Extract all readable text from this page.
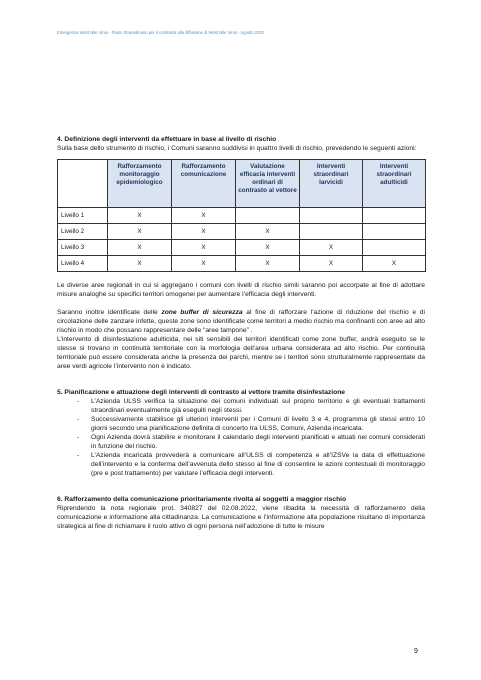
Emergenza West Nile Virus - Piano Straordinario per il contrasto alla diffusione di West Nile Virus - Agosto 2022

4. Definizione degli interventi da effettuare in base al livello di rischio

Sulla base dello strumento di rischio, i Comuni saranno suddivisi in quattro livelli di rischio, prevedendo le seguenti azioni:

	Rafforzamento monitoraggio epidemiologico	Rafforzamento comunicazione	Valutazione efficacia interventi ordinari di contrasto al vettore	Interventi straordinari larvicidi	Interventi straordinari adulticidi
Livello 1	X	X			
Livello 2	X	X	X		
Livello 3	X	X	X	X	
Livello 4	X	X	X	X	X

Le diverse aree regionali in cui si aggregano i comuni con livelli di rischio simili saranno poi accorpate al fine di adottare misure analoghe su specifici territori omogenei per aumentare l’efficacia degli interventi.

Saranno inoltre identificate delle zone buffer di sicurezza al fine di rafforzare l’azione di riduzione del rischio e di circolazione delle zanzare infette, queste zone sono identificate come territori a medio rischio ma confinanti con aree ad alto rischio in modo che possano rappresentare delle “aree tampone” .

L’intervento di disinfestazione adulticida, nei siti sensibili dei territori identificati come zone buffer, andrà eseguito se le stesse si trovano in continuità territoriale con la morfologia dell’area urbana considerata ad alto rischio. Per continuità territoriale può essere considerata anche la presenza dei parchi, mentre se i territori sono strutturalmente rappresentate da aree verdi agricole l’intervento non è indicato.

5. Pianificazione e attuazione degli interventi di contrasto al vettore tramite disinfestazione

- L’Azienda ULSS verifica la situazione dei comuni individuati sul proprio territorio e gli eventuali trattamenti straordinari eventualmente già eseguiti negli stessi.
- Successivamente stabilisce gli ulteriori interventi per i Comuni di livello 3 e 4, programma gli stessi entro 10 giorni secondo una pianificazione definita di concerto tra ULSS, Comuni, Azienda incaricata.
- Ogni Azienda dovrà stabilire e monitorare il calendario degli interventi pianificati e attuati nei comuni considerati in funzione del rischio.
- L’Azienda incaricata provvederà a comunicare all’ULSS di competenza e all’IZSVe la data di effettuazione dell’intervento e la conferma dell’avvenuta dello stesso al fine di consentire le azioni contestuali di monitoraggio (pre e post trattamento) per valutare l’efficacia degli interventi.

6. Rafforzamento della comunicazione prioritariamente rivolta ai soggetti a maggior rischio

Riprendendo la nota regionale prot. 340827 del 02.08.2022, viene ribadita la necessità di rafforzamento della comunicazione e informazione alla cittadinanza. La comunicazione e l’informazione alla popolazione risultano di importanza strategica al fine di richiamare il ruolo attivo di ogni persona nell’adozione di tutte le misure

9
